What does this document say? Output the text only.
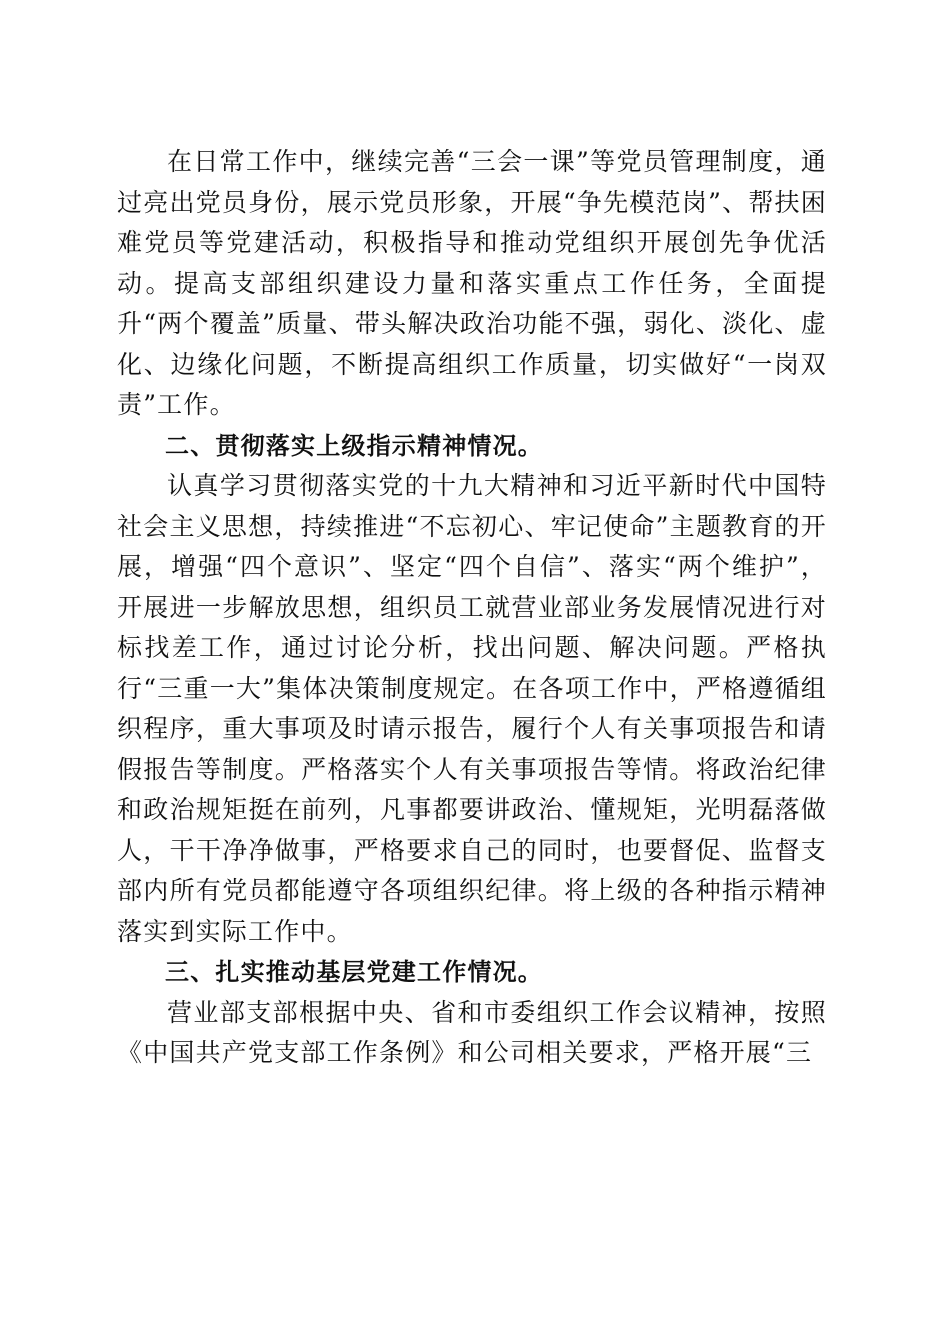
在日常工作中，继续完善“三会一课”等党员管理制度，通过亮出党员身份，展示党员形象，开展“争先模范岗”、帮扶困难党员等党建活动，积极指导和推动党组织开展创先争优活动。提高支部组织建设力量和落实重点工作任务，全面提升“两个覆盖”质量、带头解决政治功能不强，弱化、淡化、虚化、边缘化问题，不断提高组织工作质量，切实做好“一岗双责”工作。

二、贯彻落实上级指示精神情况。

认真学习贯彻落实党的十九大精神和习近平新时代中国特社会主义思想，持续推进“不忘初心、牢记使命”主题教育的开展，增强“四个意识”、坚定“四个自信”、落实“两个维护”，开展进一步解放思想，组织员工就营业部业务发展情况进行对标找差工作，通过讨论分析，找出问题、解决问题。严格执行“三重一大”集体决策制度规定。在各项工作中，严格遵循组织程序，重大事项及时请示报告，履行个人有关事项报告和请假报告等制度。严格落实个人有关事项报告等情。将政治纪律和政治规矩挺在前列，凡事都要讲政治、懂规矩，光明磊落做人，干干净净做事，严格要求自己的同时，也要督促、监督支部内所有党员都能遵守各项组织纪律。将上级的各种指示精神落实到实际工作中。

三、扎实推动基层党建工作情况。

营业部支部根据中央、省和市委组织工作会议精神，按照《中国共产党支部工作条例》和公司相关要求，严格开展“三
